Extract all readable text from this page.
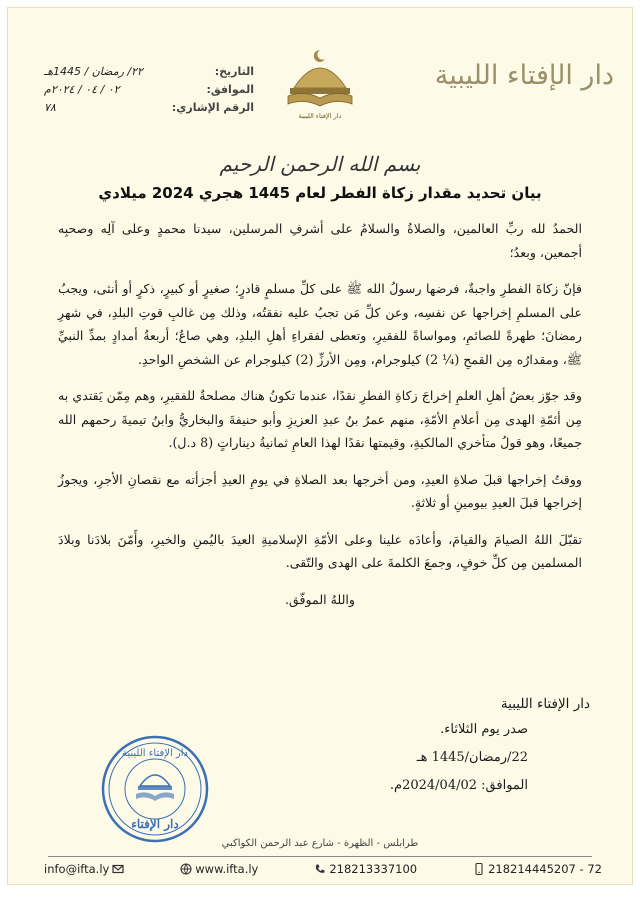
دار الإفتاء الليبية
دار الإفتاء الليبية
التاريخ:
٢٢/ رمضان / 1445هـ
الموافق:
٠٢ / ٠٤ / ٢٠٢٤م
الرقم الإشاري:
٧٨
بسم الله الرحمن الرحيم
بيان تحديد مقدار زكاة الفطر لعام 1445 هجري 2024 ميلادي

الحمدُ لله ربِّ العالمين، والصلاةُ والسلامُ على أشرفِ المرسلين، سيدنا محمدٍ وعلى آلِه وصحبِه أجمعين، وبعدُ؛

فإنّ زكاةَ الفطرِ واجبةٌ، فرضها رسولُ الله ﷺ على كلِّ مسلمٍ قادرٍ؛ صغيرٍ أو كبيرٍ، ذكرٍ أو أنثى، ويجبُ على المسلمِ إخراجها عن نفسِه، وعن كلِّ مَن تجبُ عليه نفقتُه، وذلك مِن غالبِ قوتِ البلدِ، في شهرِ رمضانَ؛ طهرةً للصائمِ، ومواساةً للفقيرِ، وتعطى لفقراءِ أهلِ البلدِ، وهي صاعٌ؛ أربعةُ أمدادٍ بمدِّ النبيِّ ﷺ، ومقدارُه مِن القمحِ (¼ 2) كيلوجرام، ومِن الأرزِّ (2) كيلوجرام عن الشخصِ الواحدِ.

وقد جوّز بعضُ أهلِ العلمِ إخراجَ زكاةِ الفطرِ نقدًا، عندما تكونُ هناك مصلحةٌ للفقيرِ، وهم مِمّن يَقتدي به مِن أئمّةِ الهدى مِن أعلامِ الأمّةِ، منهم عمرُ بنُ عبدِ العزيزِ وأبو حنيفةَ والبخاريُّ وابنُ تيميةَ رحمهم الله جميعًا، وهو قولُ متأخري المالكيةِ، وقيمتها نقدًا لهذا العامِ ثمانيةُ ديناراتٍ (8 د.ل).

ووقتُ إخراجها قبلَ صلاةِ العيدِ، ومن أخرجها بعد الصلاةِ في يومِ العيدِ أجزأته مع نقصانِ الأجرِ، ويجوزُ إخراجها قبلَ العيدِ بيومينِ أو ثلاثةٍ.

تقبّلَ اللهُ الصيامَ والقيامَ، وأعادَه علينا وعلى الأمّةِ الإسلاميةِ العيدَ باليُمنِ والخيرِ، وأَمّنَ بلادَنا وبلادَ المسلمين مِن كلِّ خوفٍ، وجمعَ الكلمةَ على الهدى والتّقى.

واللهُ الموفّق.

دار الإفتاء الليبية
صدر يوم الثلاثاء.
22/رمضان/1445 هـ
الموافق: 2024/04/02م.
دار الإفتاء الليبية
دار الإفتاء
طرابلس - الظهرة - شارع عبد الرحمن الكواكبي
info@ifta.ly	www.ifta.ly	218213337100	218214445207 - 72
